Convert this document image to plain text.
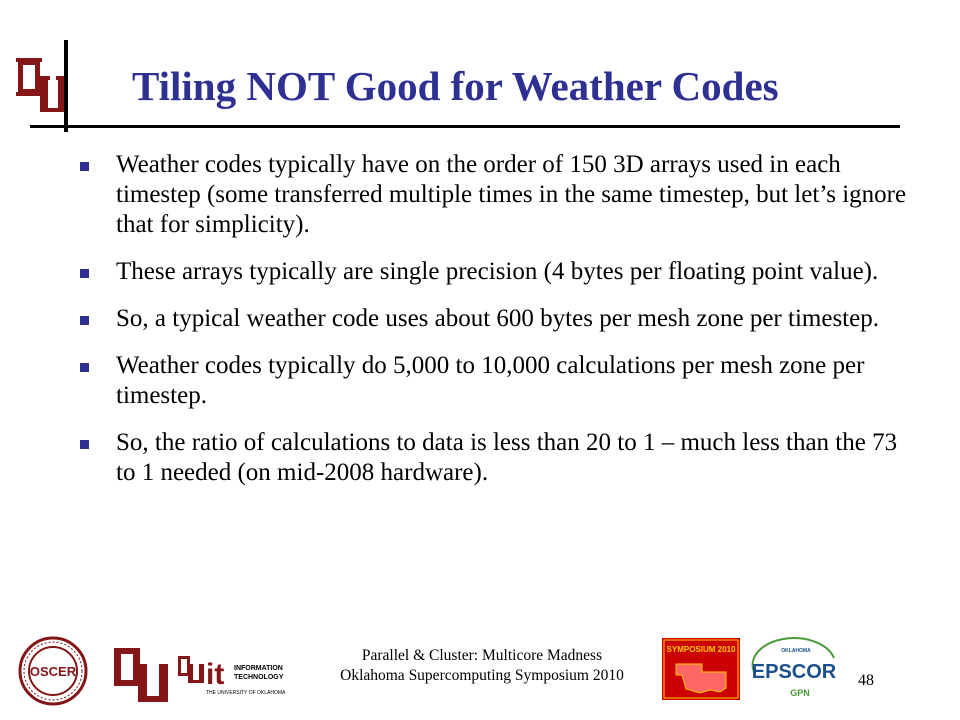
Tiling NOT Good for Weather Codes
Weather codes typically have on the order of 150 3D arrays used in each timestep (some transferred multiple times in the same timestep, but let’s ignore that for simplicity).
These arrays typically are single precision (4 bytes per floating point value).
So, a typical weather code uses about 600 bytes per mesh zone per timestep.
Weather codes typically do 5,000 to 10,000 calculations per mesh zone per timestep.
So, the ratio of calculations to data is less than 20 to 1 – much less than the 73 to 1 needed (on mid-2008 hardware).
OSCER	it INFORMATION
TECHNOLOGY
THE UNIVERSITY OF OKLAHOMA
Parallel & Cluster: Multicore Madness
Oklahoma Supercomputing Symposium 2010
SYMPOSIUM 2010	OKLAHOMA
EPSCOR
GPN
48
